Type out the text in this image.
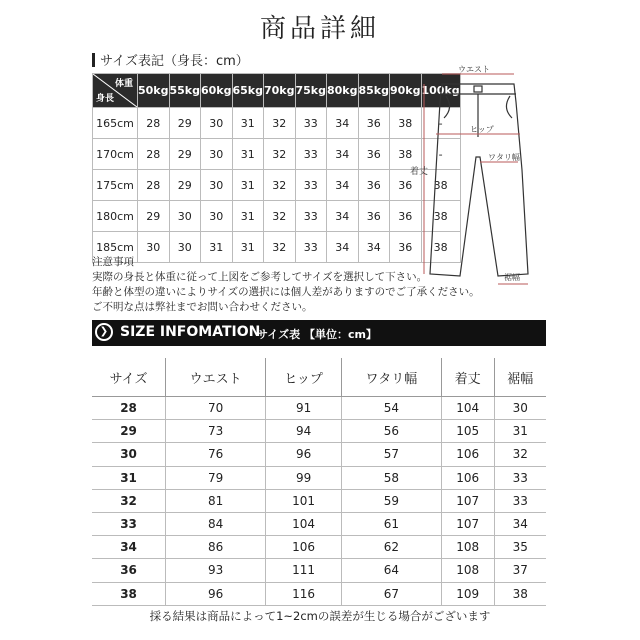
商品詳細
サイズ表記（身長：cm）
体重
身長	50kg	55kg	60kg	65kg	70kg	75kg	80kg	85kg	90kg	100kg
165cm	28	29	30	31	32	33	34	36	38	-
170cm	28	29	30	31	32	33	34	36	38	-
175cm	28	29	30	31	32	33	34	36	36	38
180cm	29	30	30	31	32	33	34	36	36	38
185cm	30	30	31	31	32	33	34	34	36	38
注意事項
実際の身長と体重に従って上図をご参考してサイズを選択して下さい。
年齢と体型の違いによりサイズの選択には個人差がありますのでご了承ください。
ご不明な点は弊社までお問い合わせください。
ウエスト
ヒップ
ワタリ幅
着丈
裾幅
❯ SIZE INFOMATION
サイズ表 【単位：cm】
サイズ	ウエスト	ヒップ	ワタリ幅	着丈	裾幅
28	70	91	54	104	30
29	73	94	56	105	31
30	76	96	57	106	32
31	79	99	58	106	33
32	81	101	59	107	33
33	84	104	61	107	34
34	86	106	62	108	35
36	93	111	64	108	37
38	96	116	67	109	38
採る結果は商品によって1~2cmの誤差が生じる場合がございます
